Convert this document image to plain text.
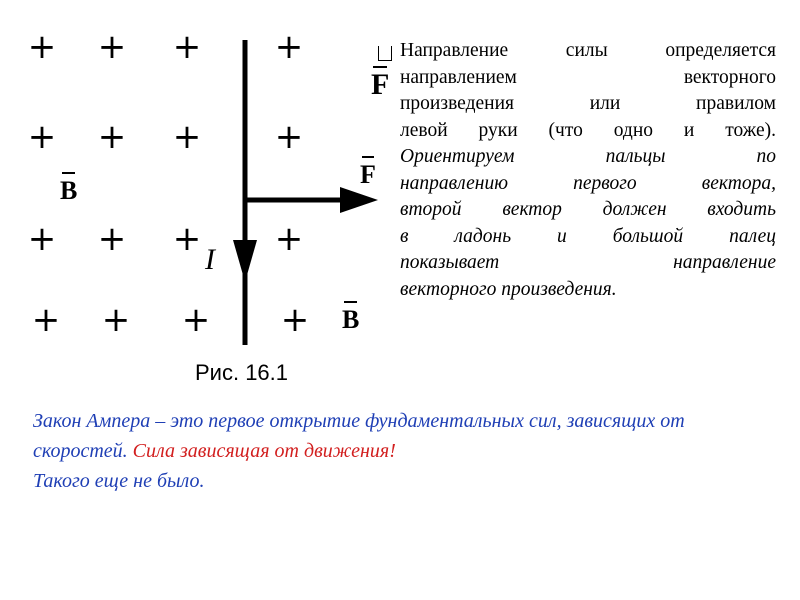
+ + + +
+ + + +
+ + + +
+ + + +
B
F
B
I
Рис. 16.1
F
Направление силы определяется
направлением векторного
произведения или правилом
левой руки (что одно и тоже).
Ориентируем пальцы по
направлению первого вектора,
второй вектор должен входить
в ладонь и большой палец
показывает направление
векторного произведения.
Закон Ампера – это первое открытие фундаментальных сил, зависящих от скоростей. Сила зависящая от движения!
Такого еще не было.
